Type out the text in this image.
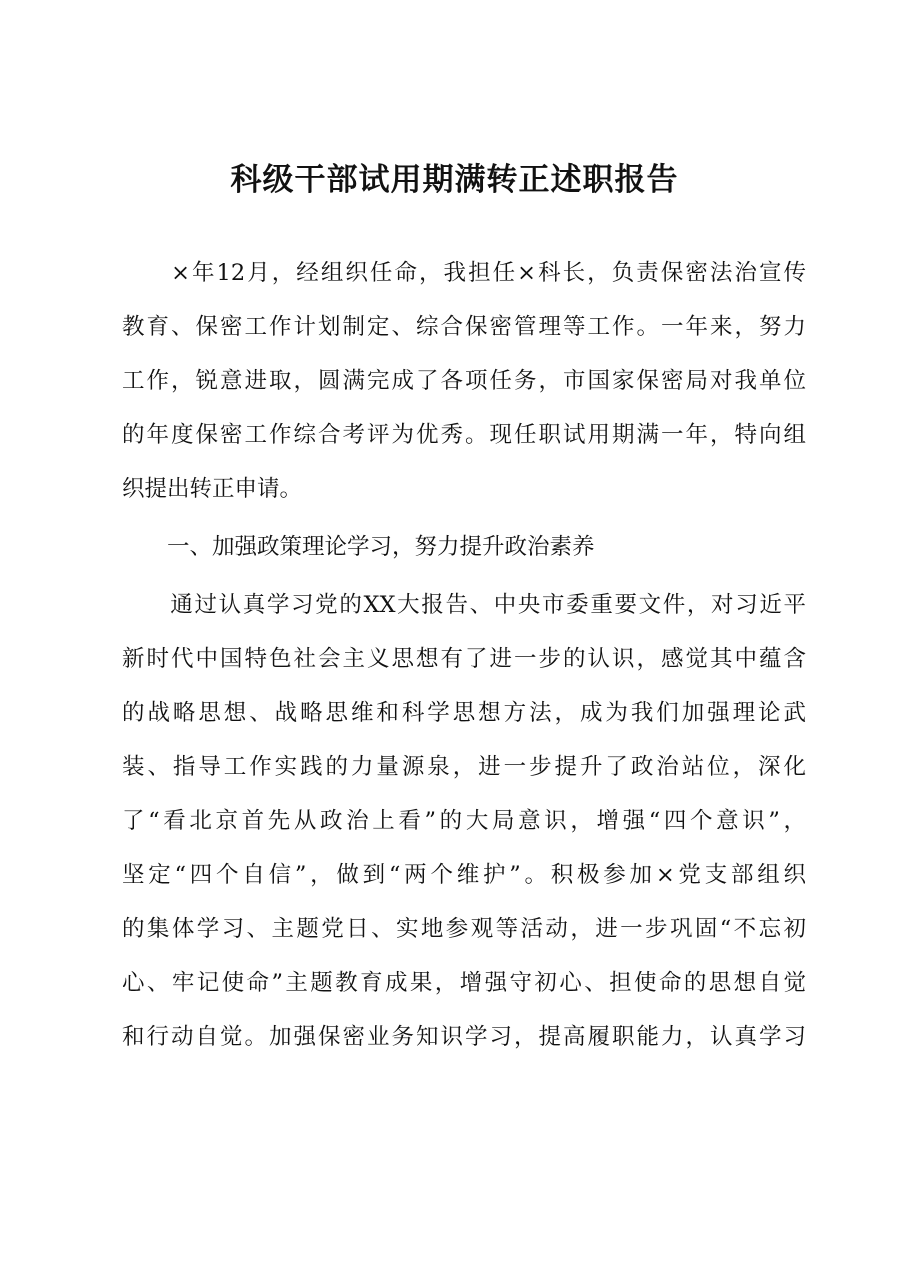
科级干部试用期满转正述职报告
　　×年12月，经组织任命，我担任×科长，负责保密法治宣传
教育、保密工作计划制定、综合保密管理等工作。一年来，努力
工作，锐意进取，圆满完成了各项任务，市国家保密局对我单位
的年度保密工作综合考评为优秀。现任职试用期满一年，特向组
织提出转正申请。
　　一、加强政策理论学习，努力提升政治素养
　　通过认真学习党的XX大报告、中央市委重要文件，对习近平
新时代中国特色社会主义思想有了进一步的认识，感觉其中蕴含
的战略思想、战略思维和科学思想方法，成为我们加强理论武
装、指导工作实践的力量源泉，进一步提升了政治站位，深化
了“看北京首先从政治上看”的大局意识，增强“四个意识”，
坚定“四个自信”，做到“两个维护”。积极参加×党支部组织
的集体学习、主题党日、实地参观等活动，进一步巩固“不忘初
心、牢记使命”主题教育成果，增强守初心、担使命的思想自觉
和行动自觉。加强保密业务知识学习，提高履职能力，认真学习
